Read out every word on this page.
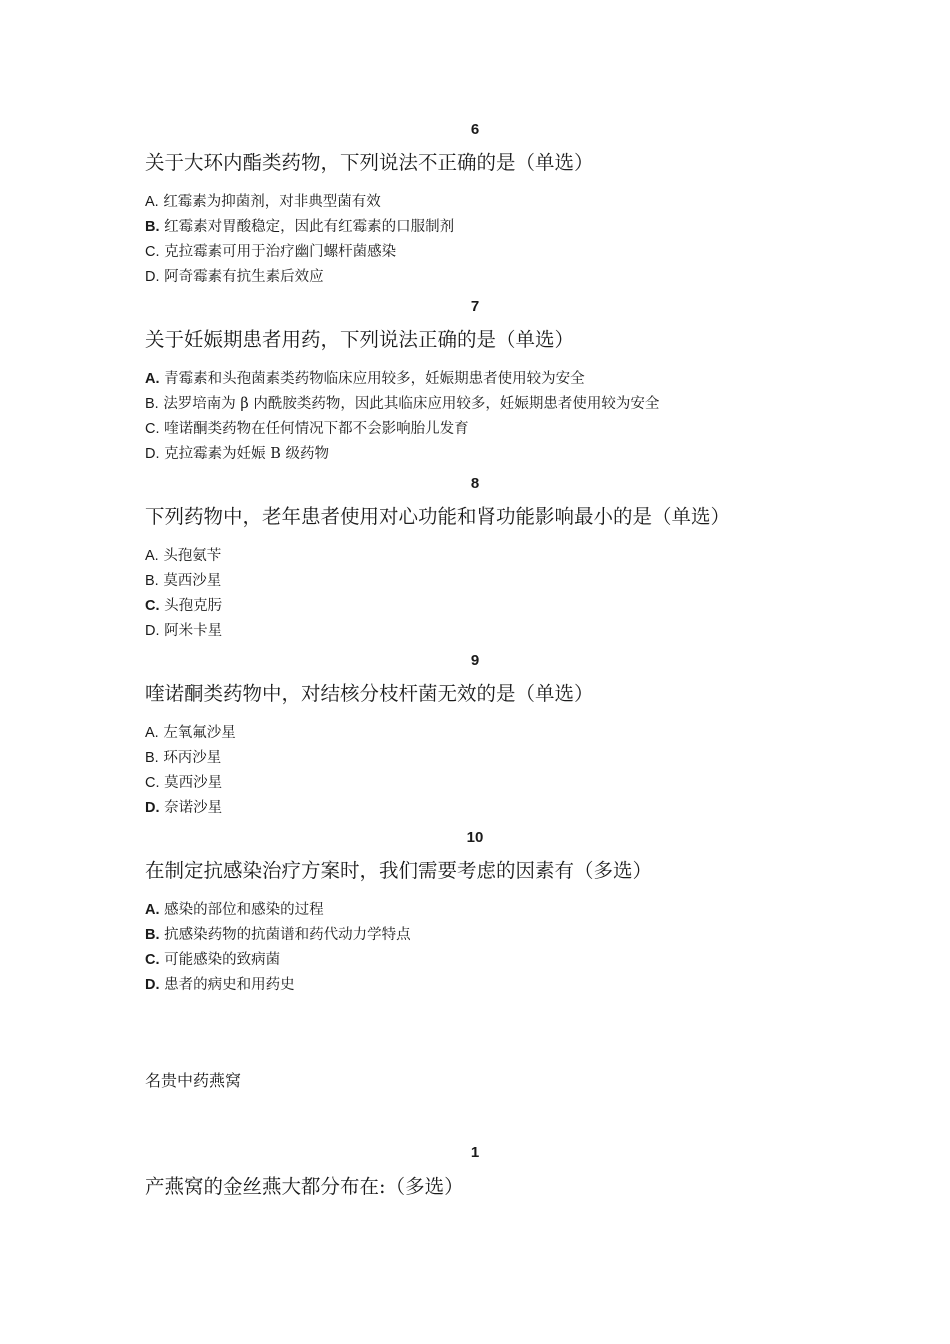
6
关于大环内酯类药物，下列说法不正确的是（单选）
A. 红霉素为抑菌剂，对非典型菌有效
B. 红霉素对胃酸稳定，因此有红霉素的口服制剂
C. 克拉霉素可用于治疗幽门螺杆菌感染
D. 阿奇霉素有抗生素后效应
7
关于妊娠期患者用药，下列说法正确的是（单选）
A. 青霉素和头孢菌素类药物临床应用较多，妊娠期患者使用较为安全
B. 法罗培南为 β 内酰胺类药物，因此其临床应用较多，妊娠期患者使用较为安全
C. 喹诺酮类药物在任何情况下都不会影响胎儿发育
D. 克拉霉素为妊娠 B 级药物
8
下列药物中，老年患者使用对心功能和肾功能影响最小的是（单选）
A. 头孢氨苄
B. 莫西沙星
C. 头孢克肟
D. 阿米卡星
9
喹诺酮类药物中，对结核分枝杆菌无效的是（单选）
A. 左氧氟沙星
B. 环丙沙星
C. 莫西沙星
D. 奈诺沙星
10
在制定抗感染治疗方案时，我们需要考虑的因素有（多选）
A. 感染的部位和感染的过程
B. 抗感染药物的抗菌谱和药代动力学特点
C. 可能感染的致病菌
D. 患者的病史和用药史
名贵中药燕窝
1
产燕窝的金丝燕大都分布在:（多选）
